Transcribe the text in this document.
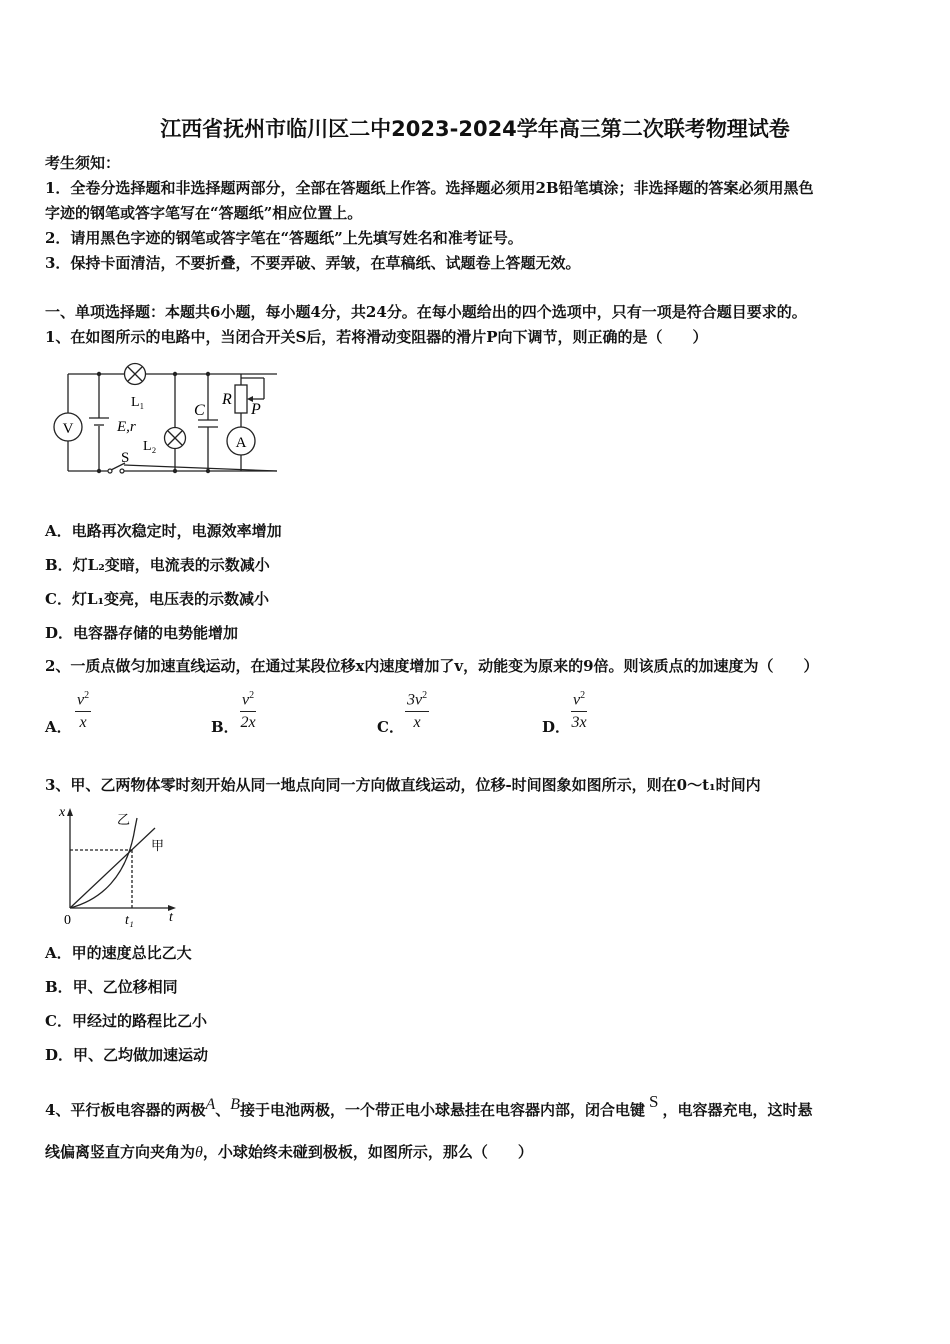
江西省抚州市临川区二中2023-2024学年高三第二次联考物理试卷
考生须知：
1．全卷分选择题和非选择题两部分，全部在答题纸上作答。选择题必须用2B铅笔填涂；非选择题的答案必须用黑色
字迹的钢笔或答字笔写在“答题纸”相应位置上。
2．请用黑色字迹的钢笔或答字笔在“答题纸”上先填写姓名和准考证号。
3．保持卡面清洁，不要折叠，不要弄破、弄皱，在草稿纸、试题卷上答题无效。
一、单项选择题：本题共6小题，每小题4分，共24分。在每小题给出的四个选项中，只有一项是符合题目要求的。
1、在如图所示的电路中，当闭合开关S后，若将滑动变阻器的滑片P向下调节，则正确的是（　　）
V
A
L₁
L₂
E,r
C
R
P
S
A．电路再次稳定时，电源效率增加
B．灯L₂变暗，电流表的示数减小
C．灯L₁变亮，电压表的示数减小
D．电容器存储的电势能增加
2、一质点做匀加速直线运动，在通过某段位移x内速度增加了v，动能变为原来的9倍。则该质点的加速度为（　　）
A． $\frac{v^2}{x}$	B． $\frac{v^2}{2x}$	C． $\frac{3v^2}{x}$	D． $\frac{v^2}{3x}$
3、甲、乙两物体零时刻开始从同一地点向同一方向做直线运动，位移-时间图象如图所示，则在0～t₁时间内
x
t
0	t₁
甲
乙
A．甲的速度总比乙大
B．甲、乙位移相同
C．甲经过的路程比乙小
D．甲、乙均做加速运动
4、平行板电容器的两极A、B接于电池两极，一个带正电小球悬挂在电容器内部，闭合电键 S ，电容器充电，这时悬
线偏离竖直方向夹角为θ，小球始终未碰到极板，如图所示，那么（　　）
